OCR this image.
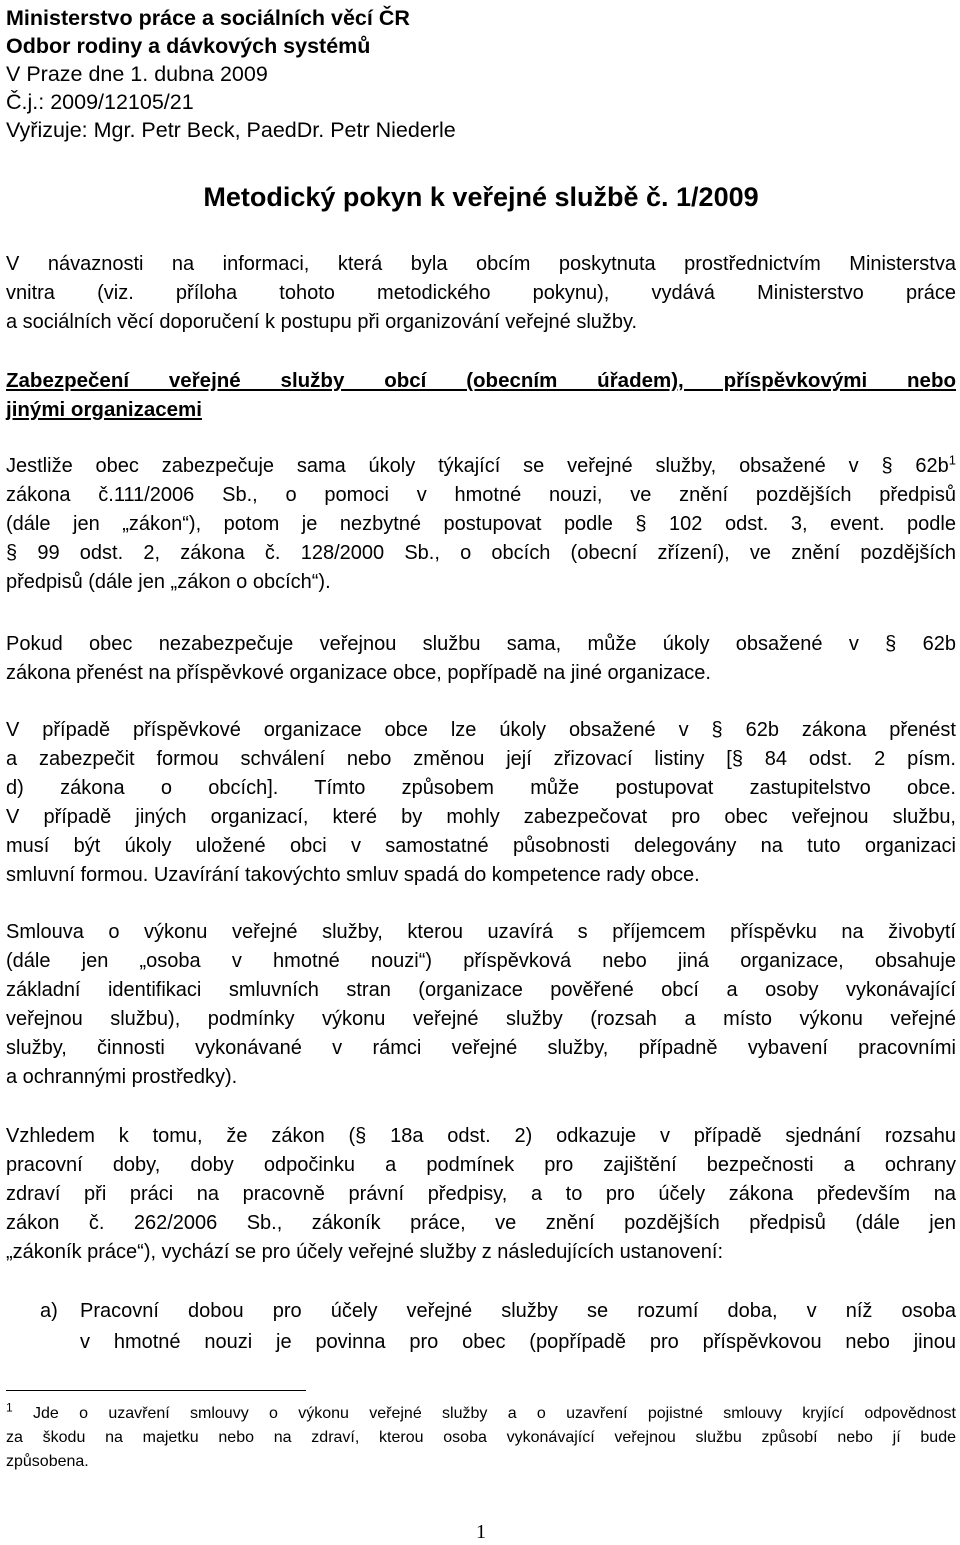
Ministerstvo práce a sociálních věcí ČR
Odbor rodiny a dávkových systémů
V Praze dne 1. dubna 2009
Č.j.: 2009/12105/21
Vyřizuje: Mgr. Petr Beck, PaedDr. Petr Niederle
Metodický pokyn k veřejné službě č. 1/2009
V návaznosti na informaci, která byla obcím poskytnuta prostřednictvím Ministerstva
vnitra (viz. příloha tohoto metodického pokynu), vydává Ministerstvo práce
a sociálních věcí doporučení k postupu při organizování veřejné služby.
Zabezpečení veřejné služby obcí (obecním úřadem), příspěvkovými nebo
jinými organizacemi
Jestliže obec zabezpečuje sama úkoly týkající se veřejné služby, obsažené v § $62b^1$
zákona č.111/2006 Sb., o pomoci v hmotné nouzi, ve znění pozdějších předpisů
(dále jen „zákon“), potom je nezbytné postupovat podle § 102 odst. 3, event. podle
§ 99 odst. 2, zákona č. 128/2000 Sb., o obcích (obecní zřízení), ve znění pozdějších
předpisů (dále jen „zákon o obcích“).
Pokud obec nezabezpečuje veřejnou službu sama, může úkoly obsažené v § 62b
zákona přenést na příspěvkové organizace obce, popřípadě na jiné organizace.
V případě příspěvkové organizace obce lze úkoly obsažené v § 62b zákona přenést
a zabezpečit formou schválení nebo změnou její zřizovací listiny [§ 84 odst. 2 písm.
d) zákona o obcích]. Tímto způsobem může postupovat zastupitelstvo obce.
V případě jiných organizací, které by mohly zabezpečovat pro obec veřejnou službu,
musí být úkoly uložené obci v samostatné působnosti delegovány na tuto organizaci
smluvní formou. Uzavírání takovýchto smluv spadá do kompetence rady obce.
Smlouva o výkonu veřejné služby, kterou uzavírá s příjemcem příspěvku na živobytí
(dále jen „osoba v hmotné nouzi“) příspěvková nebo jiná organizace, obsahuje
základní identifikaci smluvních stran (organizace pověřené obcí a osoby vykonávající
veřejnou službu), podmínky výkonu veřejné služby (rozsah a místo výkonu veřejné
služby, činnosti vykonávané v rámci veřejné služby, případně vybavení pracovními
a ochrannými prostředky).
Vzhledem k tomu, že zákon (§ 18a odst. 2) odkazuje v případě sjednání rozsahu
pracovní doby, doby odpočinku a podmínek pro zajištění bezpečnosti a ochrany
zdraví při práci na pracovně právní předpisy, a to pro účely zákona především na
zákon č. 262/2006 Sb., zákoník práce, ve znění pozdějších předpisů (dále jen
„zákoník práce“), vychází se pro účely veřejné služby z následujících ustanovení:
a) Pracovní dobou pro účely veřejné služby se rozumí doba, v níž osoba
v hmotné nouzi je povinna pro obec (popřípadě pro příspěvkovou nebo jinou
$^1$ Jde o uzavření smlouvy o výkonu veřejné služby a o uzavření pojistné smlouvy kryjící odpovědnost
za škodu na majetku nebo na zdraví, kterou osoba vykonávající veřejnou službu způsobí nebo jí bude
způsobena.
1
